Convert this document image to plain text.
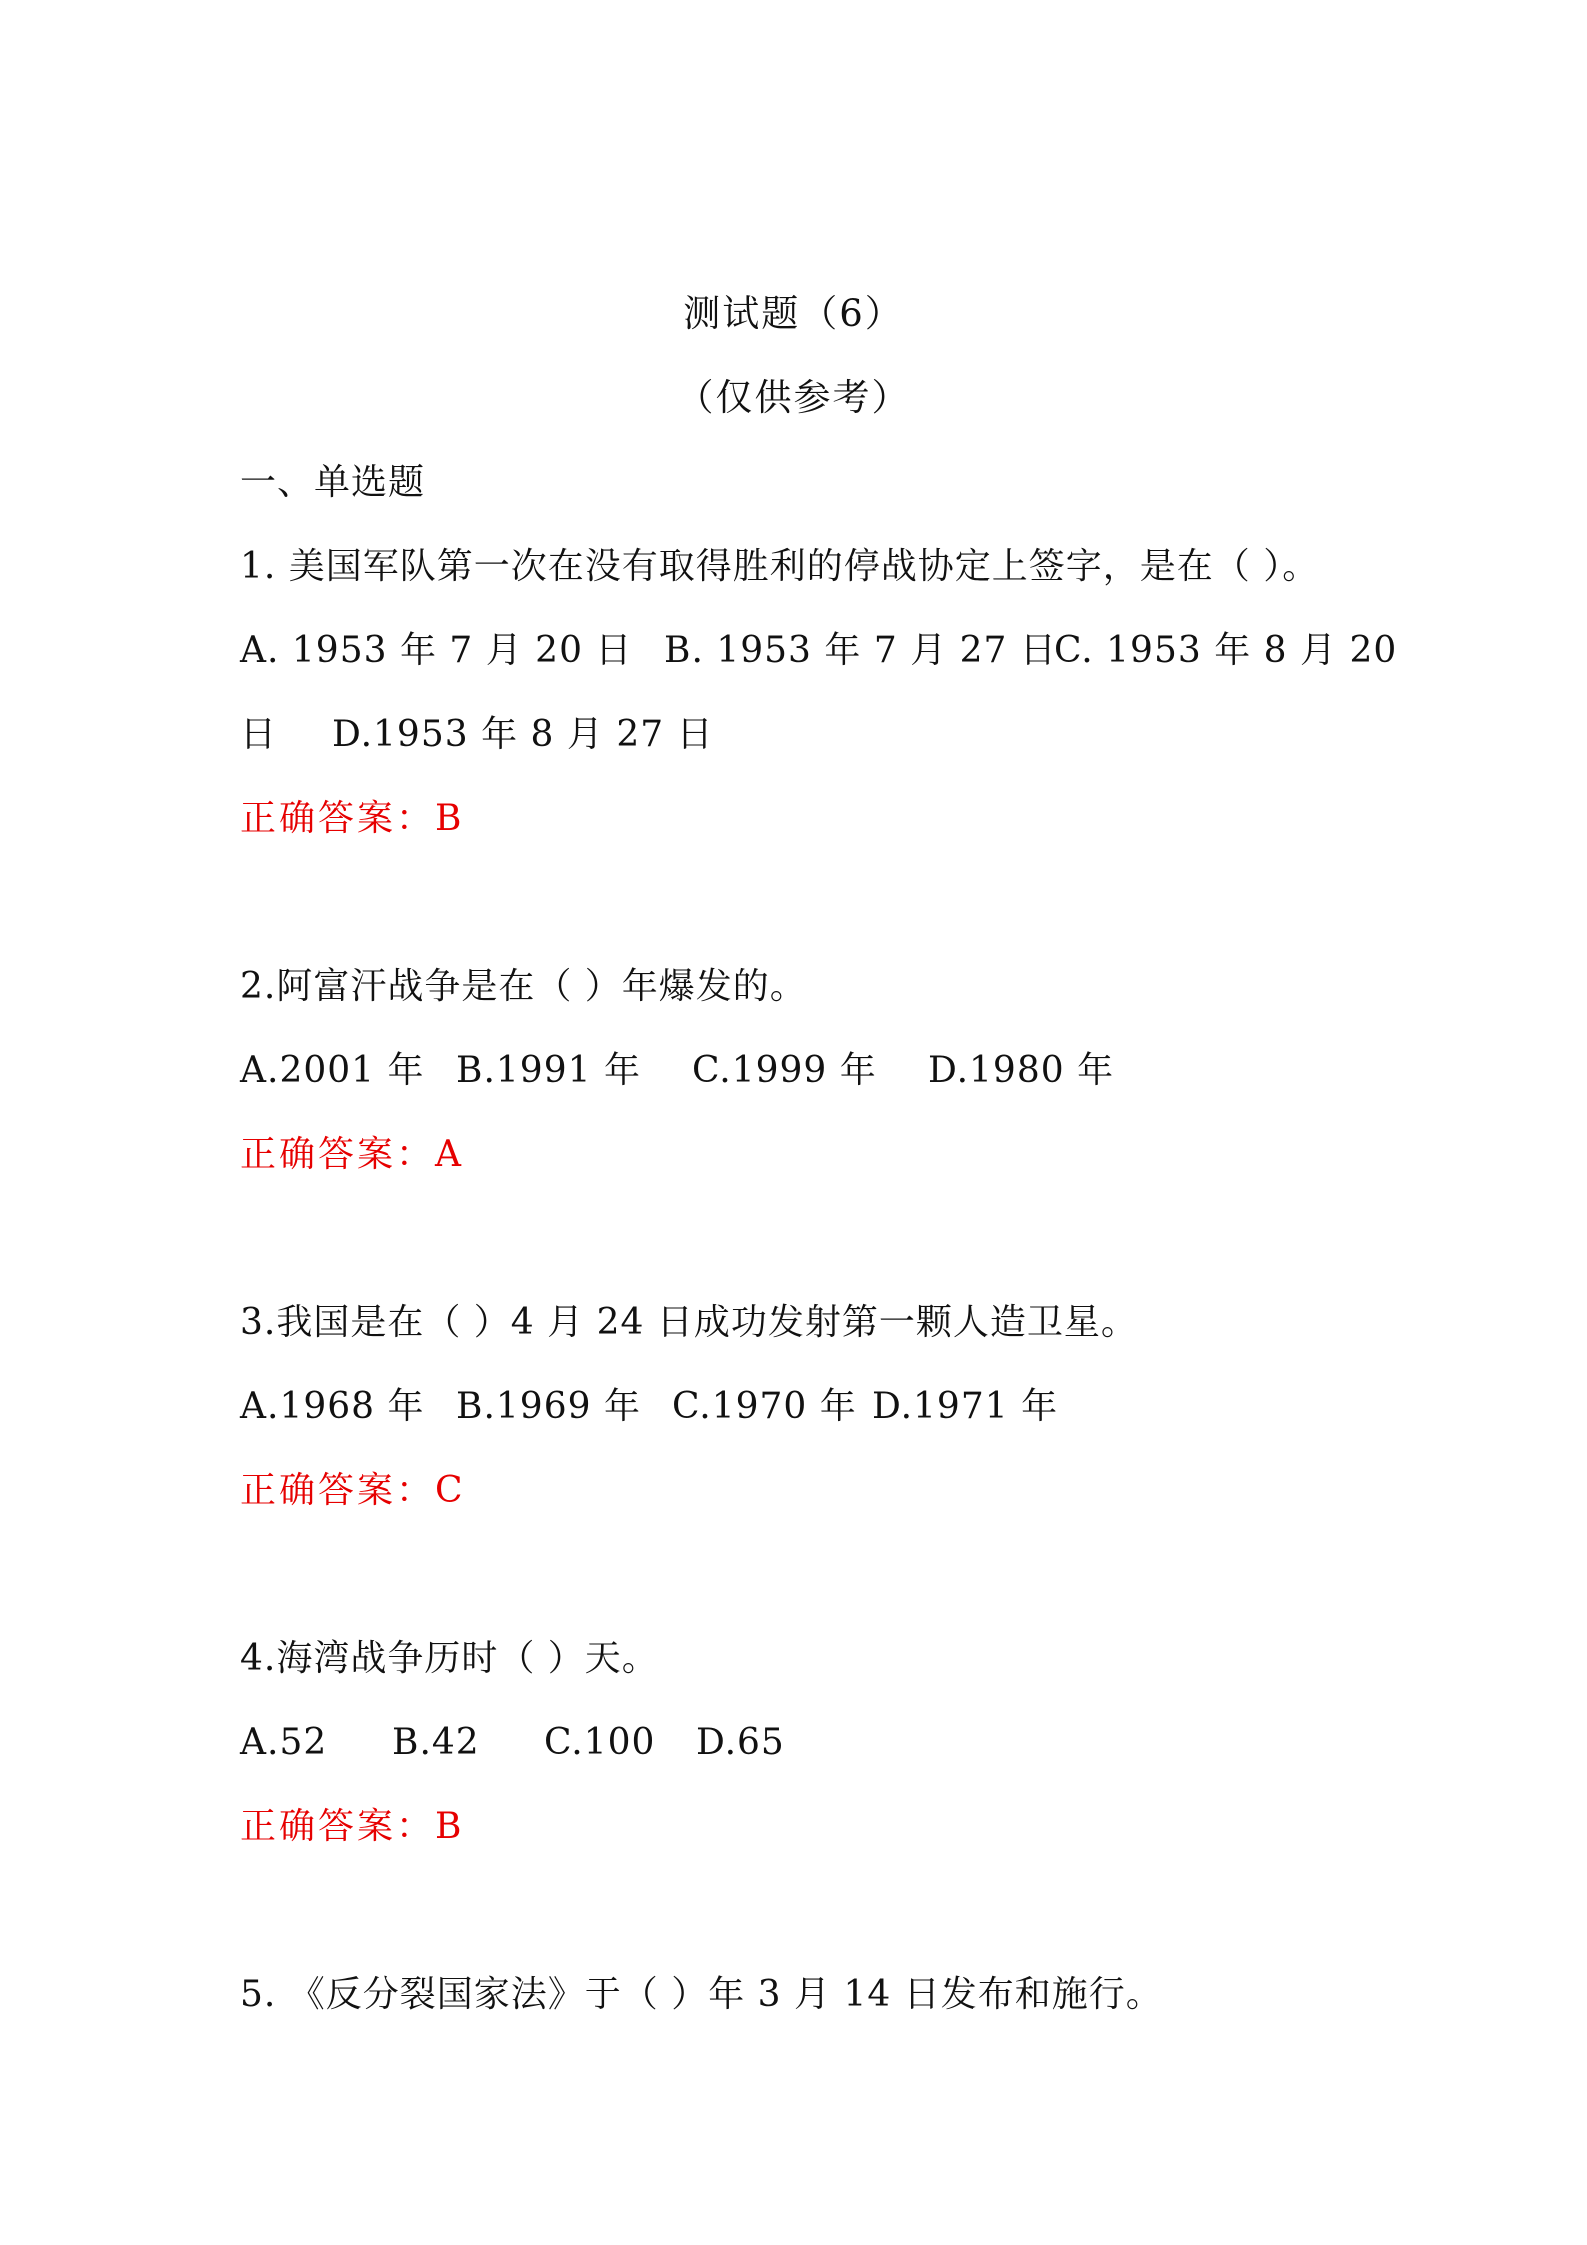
测试题（6）
（仅供参考）
一、单选题
1. 美国军队第一次在没有取得胜利的停战协定上签字，是在（ ）。
A. 1953 年 7 月 20 日 B. 1953 年 7 月 27 日C. 1953 年 8 月 20
日 D.1953 年 8 月 27 日
正确答案：B
2.阿富汗战争是在（ ）年爆发的。
A.2001 年 B.1991 年 C.1999 年 D.1980 年
正确答案：A
3.我国是在（ ）4 月 24 日成功发射第一颗人造卫星。
A.1968 年 B.1969 年 C.1970 年 D.1971 年
正确答案：C
4.海湾战争历时（ ）天。
A.52 B.42 C.100 D.65
正确答案：B
5. 《反分裂国家法》于（ ）年 3 月 14 日发布和施行。
